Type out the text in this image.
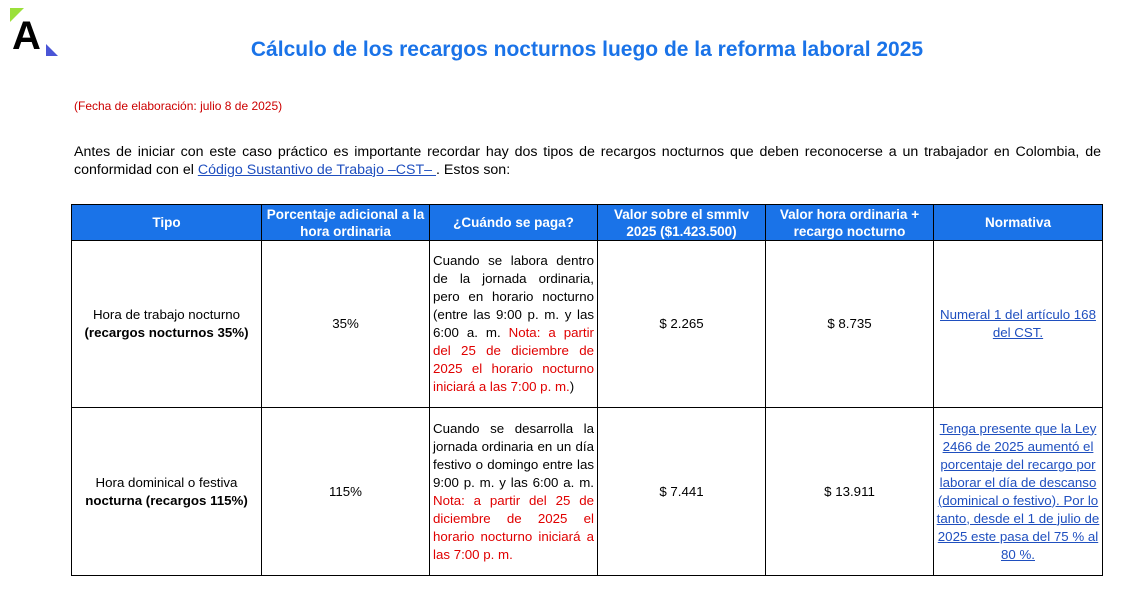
A	Cálculo de los recargos nocturnos luego de la reforma laboral 2025
(Fecha de elaboración: julio 8 de 2025)
Antes de iniciar con este caso práctico es importante recordar hay dos tipos de recargos nocturnos que deben reconocerse a un trabajador en Colombia, de conformidad con el Código Sustantivo de Trabajo –CST– . Estos son:
Tipo	Porcentaje adicional a la hora ordinaria	¿Cuándo se paga?	Valor sobre el smmlv 2025 ($1.423.500)	Valor hora ordinaria + recargo nocturno	Normativa
Hora de trabajo nocturno
(recargos nocturnos 35%)	35%	Cuando se labora dentro de la jornada ordinaria, pero en horario nocturno (entre las 9:00 p. m. y las 6:00 a. m. Nota: a partir del 25 de diciembre de 2025 el horario nocturno iniciará a las 7:00 p. m.)	$ 2.265	$ 8.735	Numeral 1 del artículo 168 del CST.
Hora dominical o festiva
nocturna (recargos 115%)	115%	Cuando se desarrolla la jornada ordinaria en un día festivo o domingo entre las 9:00 p. m. y las 6:00 a. m. Nota: a partir del 25 de diciembre de 2025 el horario nocturno iniciará a las 7:00 p. m.	$ 7.441	$ 13.911	Tenga presente que la Ley 2466 de 2025 aumentó el porcentaje del recargo por laborar el día de descanso (dominical o festivo). Por lo tanto, desde el 1 de julio de 2025 este pasa del 75 % al 80 %.
